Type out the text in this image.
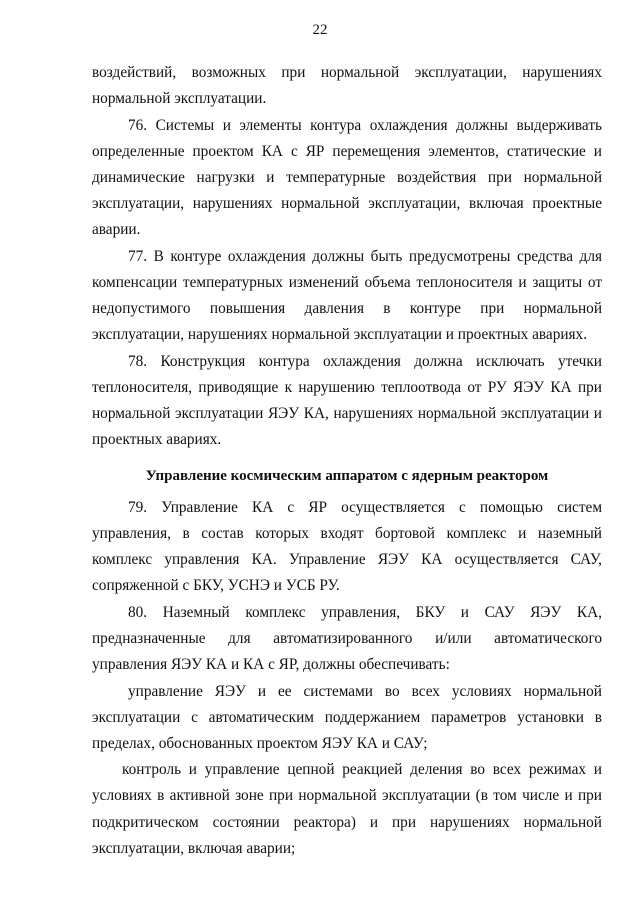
22

воздействий, возможных при нормальной эксплуатации, нарушениях нормальной эксплуатации.

76. Системы и элементы контура охлаждения должны выдерживать определенные проектом КА с ЯР перемещения элементов, статические и динамические нагрузки и температурные воздействия при нормальной эксплуатации, нарушениях нормальной эксплуатации, включая проектные аварии.

77. В контуре охлаждения должны быть предусмотрены средства для компенсации температурных изменений объема теплоносителя и защиты от недопустимого повышения давления в контуре при нормальной эксплуатации, нарушениях нормальной эксплуатации и проектных авариях.

78. Конструкция контура охлаждения должна исключать утечки теплоносителя, приводящие к нарушению теплоотвода от РУ ЯЭУ КА при нормальной эксплуатации ЯЭУ КА, нарушениях нормальной эксплуатации и проектных авариях.

Управление космическим аппаратом с ядерным реактором

79. Управление КА с ЯР осуществляется с помощью систем управления, в состав которых входят бортовой комплекс и наземный комплекс управления КА. Управление ЯЭУ КА осуществляется САУ, сопряженной с БКУ, УСНЭ и УСБ РУ.

80. Наземный комплекс управления, БКУ и САУ ЯЭУ КА, предназначенные для автоматизированного и/или автоматического управления ЯЭУ КА и КА с ЯР, должны обеспечивать:

управление ЯЭУ и ее системами во всех условиях нормальной эксплуатации с автоматическим поддержанием параметров установки в пределах, обоснованных проектом ЯЭУ КА и САУ;

контроль и управление цепной реакцией деления во всех режимах и условиях в активной зоне при нормальной эксплуатации (в том числе и при подкритическом состоянии реактора) и при нарушениях нормальной эксплуатации, включая аварии;
